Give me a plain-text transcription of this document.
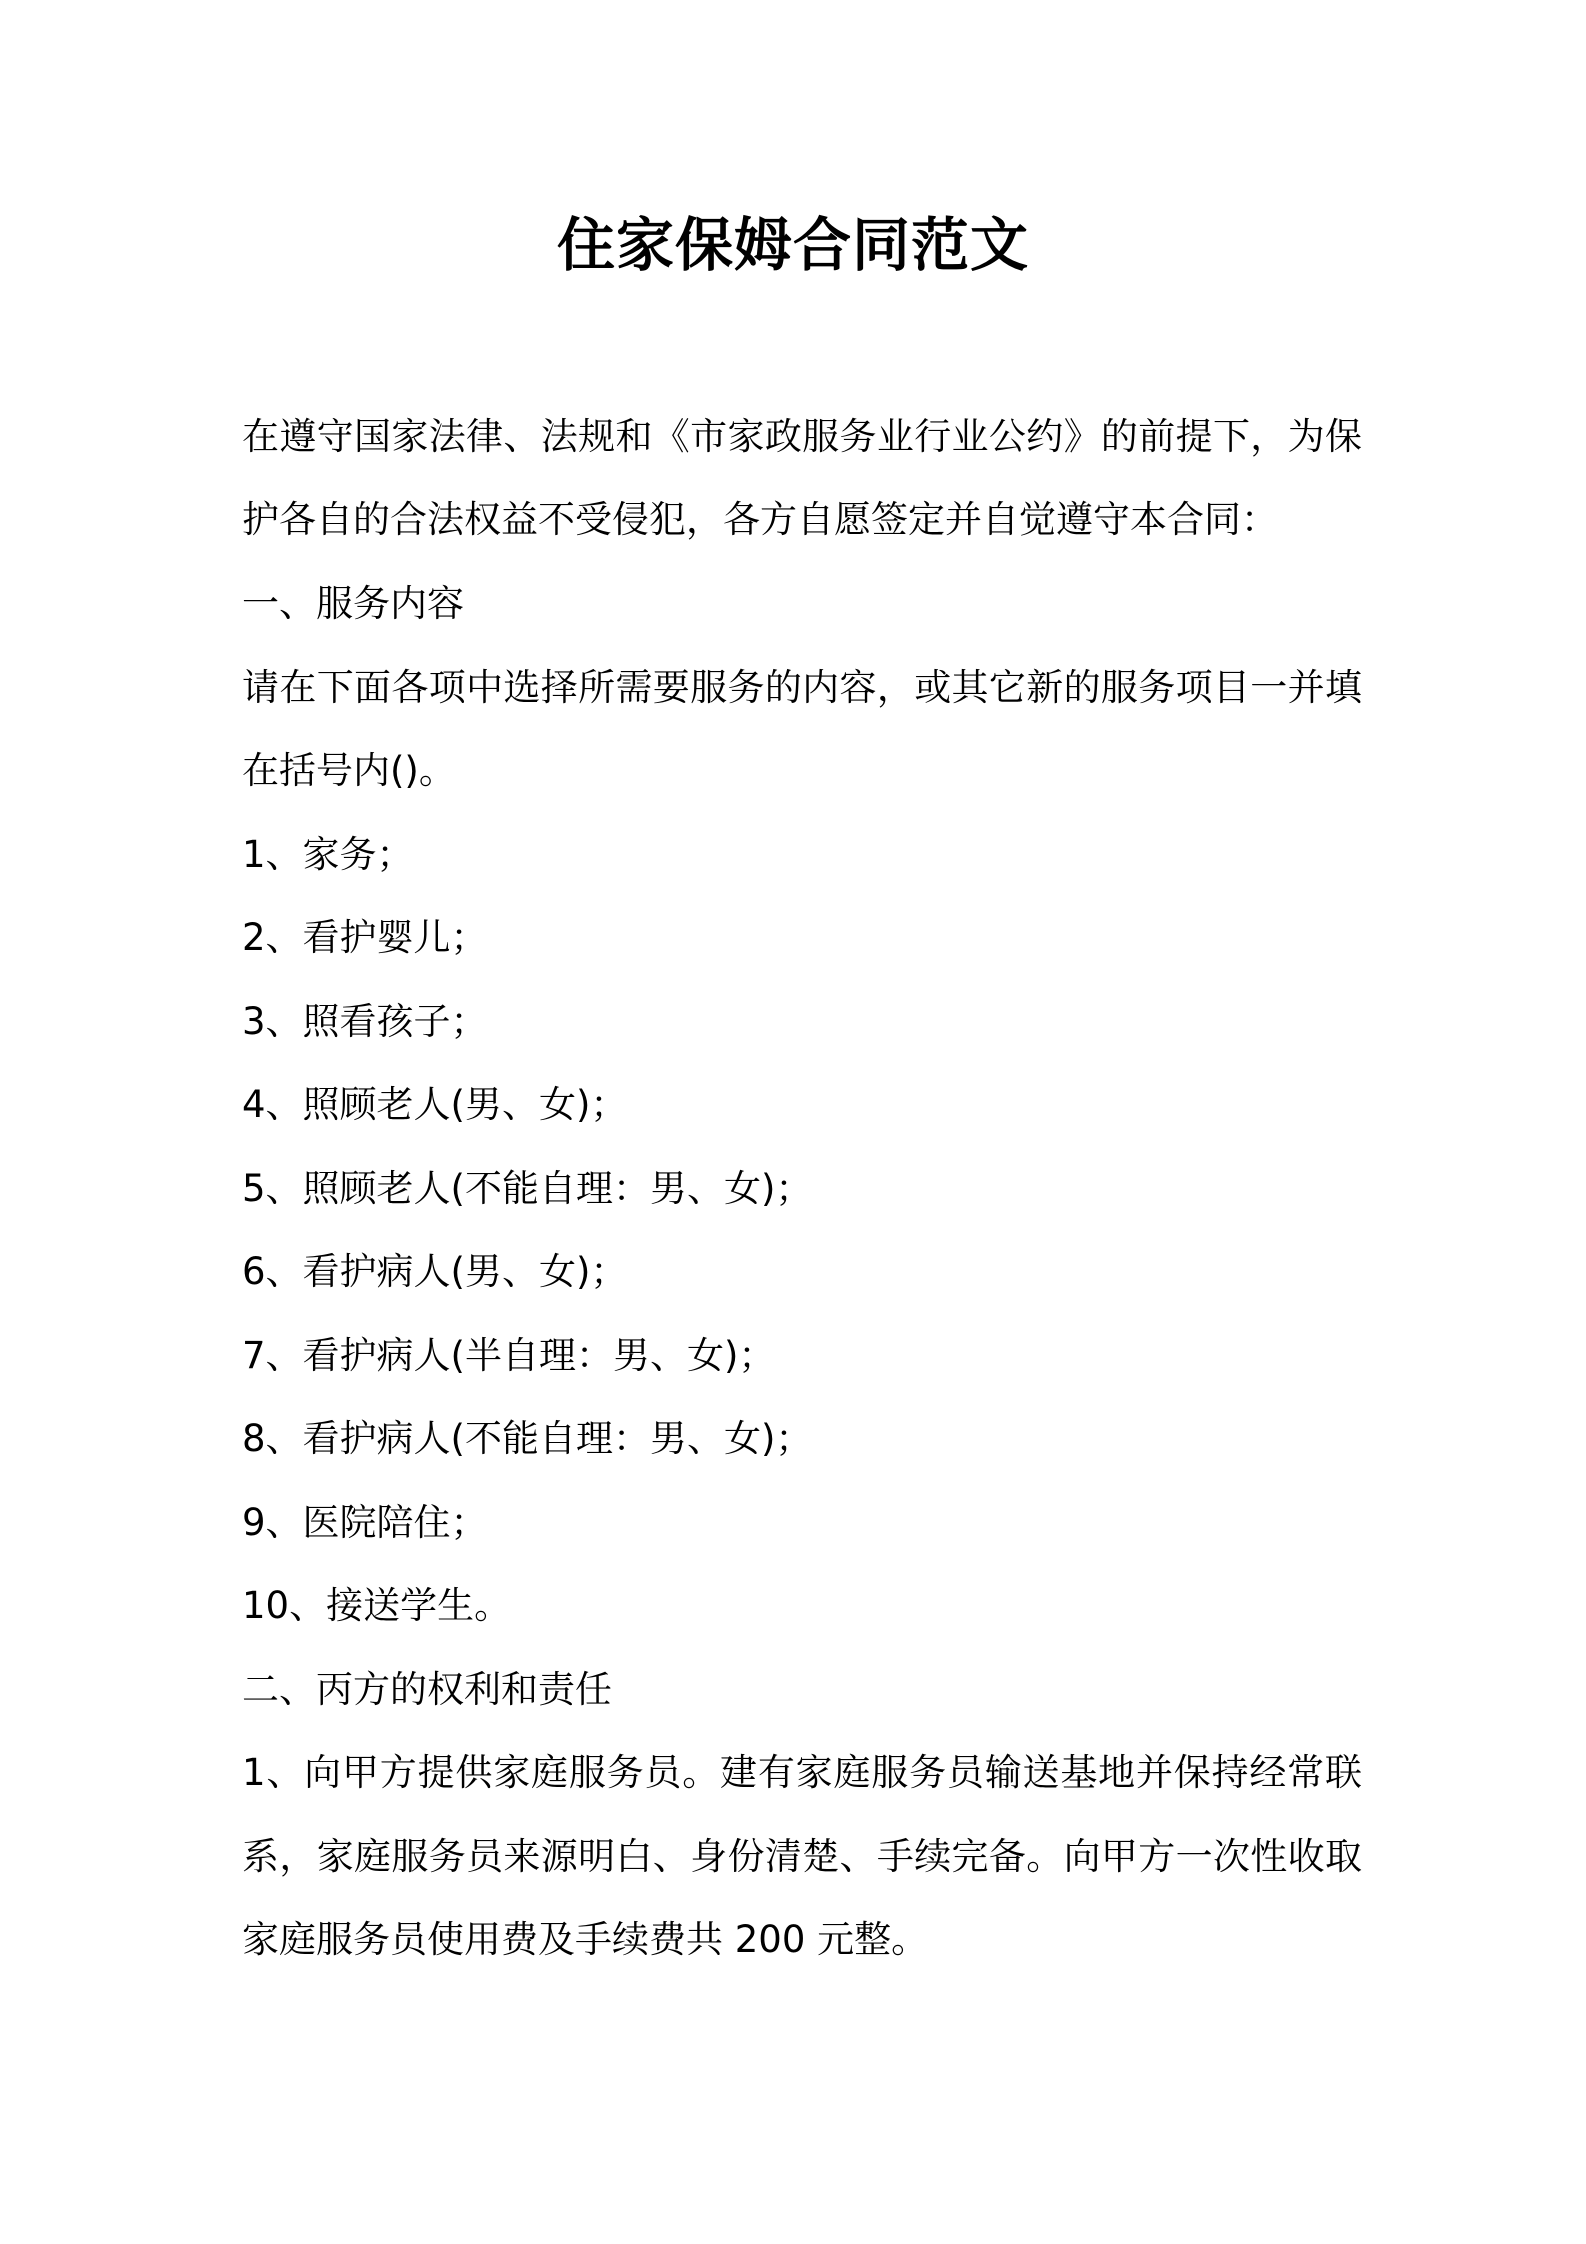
住家保姆合同范文
在遵守国家法律、法规和《市家政服务业行业公约》的前提下，为保
护各自的合法权益不受侵犯，各方自愿签定并自觉遵守本合同：
一、服务内容
请在下面各项中选择所需要服务的内容，或其它新的服务项目一并填
在括号内()。
1、家务；
2、看护婴儿；
3、照看孩子；
4、照顾老人(男、女)；
5、照顾老人(不能自理：男、女)；
6、看护病人(男、女)；
7、看护病人(半自理：男、女)；
8、看护病人(不能自理：男、女)；
9、医院陪住；
10、接送学生。
二、丙方的权利和责任
1、向甲方提供家庭服务员。建有家庭服务员输送基地并保持经常联
系，家庭服务员来源明白、身份清楚、手续完备。向甲方一次性收取
家庭服务员使用费及手续费共 200 元整。
